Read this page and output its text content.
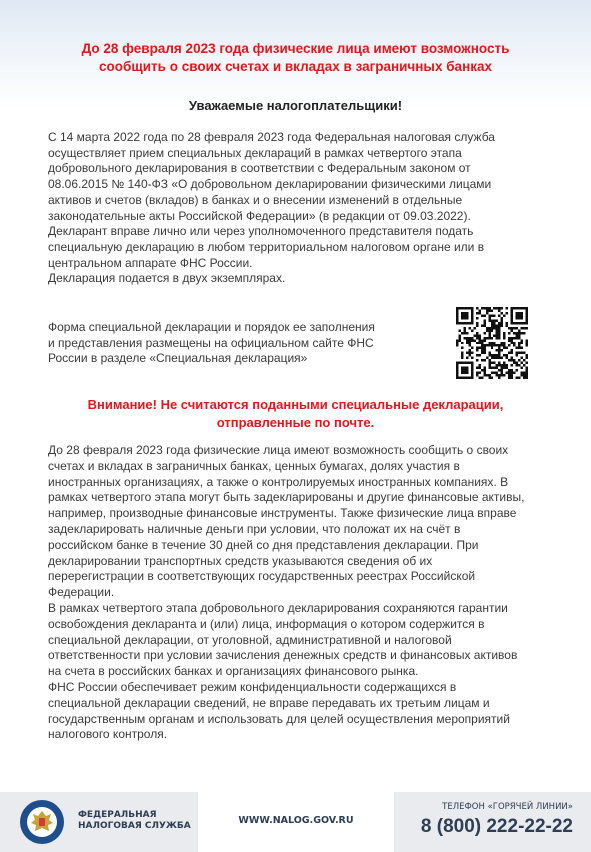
До 28 февраля 2023 года физические лица имеют возможность
сообщить о своих счетах и вкладах в заграничных банках
Уважаемые налогоплательщики!
С 14 марта 2022 года по 28 февраля 2023 года Федеральная налоговая служба
осуществляет прием специальных деклараций в рамках четвертого этапа
добровольного декларирования в соответствии с Федеральным законом от
08.06.2015 № 140-ФЗ «О добровольном декларировании физическими лицами
активов и счетов (вкладов) в банках и о внесении изменений в отдельные
законодательные акты Российской Федерации» (в редакции от 09.03.2022).
Декларант вправе лично или через уполномоченного представителя подать
специальную декларацию в любом территориальном налоговом органе или в
центральном аппарате ФНС России.
Декларация подается в двух экземплярах.
Форма специальной декларации и порядок ее заполнения
и представления размещены на официальном сайте ФНС
России в разделе «Специальная декларация»
Внимание! Не считаются поданными специальные декларации,
отправленные по почте.
До 28 февраля 2023 года физические лица имеют возможность сообщить о своих
счетах и вкладах в заграничных банках, ценных бумагах, долях участия в
иностранных организациях, а также о контролируемых иностранных компаниях. В
рамках четвертого этапа могут быть задекларированы и другие финансовые активы,
например, производные финансовые инструменты. Также физические лица вправе
задекларировать наличные деньги при условии, что положат их на счёт в
российском банке в течение 30 дней со дня представления декларации. При
декларировании транспортных средств указываются сведения об их
перерегистрации в соответствующих государственных реестрах Российской
Федерации.
В рамках четвертого этапа добровольного декларирования сохраняются гарантии
освобождения декларанта и (или) лица, информация о котором содержится в
специальной декларации, от уголовной, административной и налоговой
ответственности при условии зачисления денежных средств и финансовых активов
на счета в российских банках и организациях финансового рынка.
ФНС России обеспечивает режим конфиденциальности содержащихся в
специальной декларации сведений, не вправе передавать их третьим лицам и
государственным органам и использовать для целей осуществления мероприятий
налогового контроля.
ФЕДЕРАЛЬНАЯ
НАЛОГОВАЯ СЛУЖБА	WWW.NALOG.GOV.RU
ТЕЛЕФОН «ГОРЯЧЕЙ ЛИНИИ»
8 (800) 222-22-22
